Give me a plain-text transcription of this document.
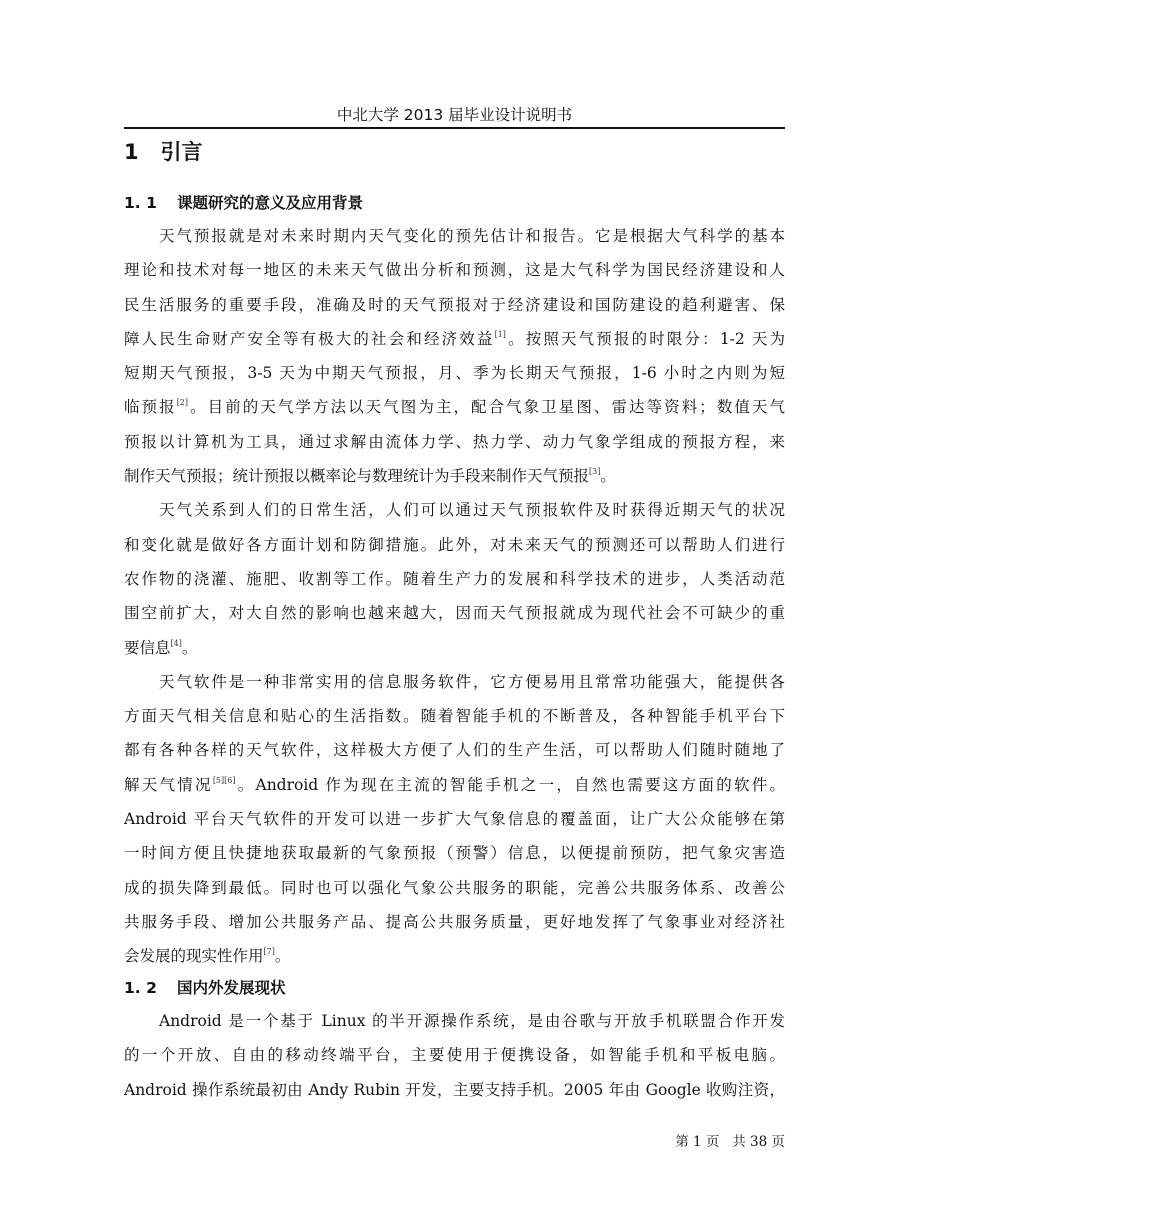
中北大学 2013 届毕业设计说明书
1   引言
1. 1 课题研究的意义及应用背景
天气预报就是对未来时期内天气变化的预先估计和报告。它是根据大气科学的基本
理论和技术对每一地区的未来天气做出分析和预测，这是大气科学为国民经济建设和人
民生活服务的重要手段，准确及时的天气预报对于经济建设和国防建设的趋利避害、保
障人民生命财产安全等有极大的社会和经济效益[1]。按照天气预报的时限分：1-2 天为
短期天气预报，3-5 天为中期天气预报，月、季为长期天气预报，1-6 小时之内则为短
临预报[2]。目前的天气学方法以天气图为主，配合气象卫星图、雷达等资料；数值天气
预报以计算机为工具，通过求解由流体力学、热力学、动力气象学组成的预报方程，来
制作天气预报；统计预报以概率论与数理统计为手段来制作天气预报[3]。
天气关系到人们的日常生活，人们可以通过天气预报软件及时获得近期天气的状况
和变化就是做好各方面计划和防御措施。此外，对未来天气的预测还可以帮助人们进行
农作物的浇灌、施肥、收割等工作。随着生产力的发展和科学技术的进步，人类活动范
围空前扩大，对大自然的影响也越来越大，因而天气预报就成为现代社会不可缺少的重
要信息[4]。
天气软件是一种非常实用的信息服务软件，它方便易用且常常功能强大，能提供各
方面天气相关信息和贴心的生活指数。随着智能手机的不断普及，各种智能手机平台下
都有各种各样的天气软件，这样极大方便了人们的生产生活，可以帮助人们随时随地了
解天气情况[5][6]。Android 作为现在主流的智能手机之一，自然也需要这方面的软件。
Android 平台天气软件的开发可以进一步扩大气象信息的覆盖面，让广大公众能够在第
一时间方便且快捷地获取最新的气象预报（预警）信息，以便提前预防，把气象灾害造
成的损失降到最低。同时也可以强化气象公共服务的职能，完善公共服务体系、改善公
共服务手段、增加公共服务产品、提高公共服务质量，更好地发挥了气象事业对经济社
会发展的现实性作用[7]。
1. 2 国内外发展现状
Android 是一个基于 Linux 的半开源操作系统，是由谷歌与开放手机联盟合作开发
的一个开放、自由的移动终端平台，主要使用于便携设备，如智能手机和平板电脑。
Android 操作系统最初由 Andy Rubin 开发，主要支持手机。2005 年由 Google 收购注资，
第 1 页   共 38 页
